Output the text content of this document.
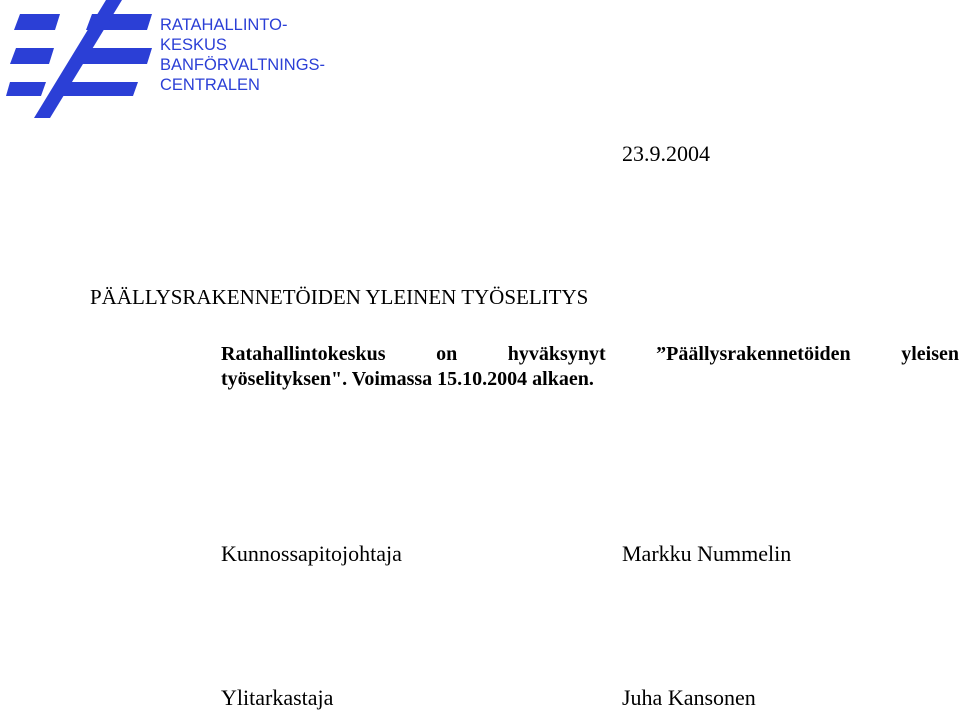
RATAHALLINTO-
KESKUS
BANFÖRVALTNINGS-
CENTRALEN
23.9.2004
PÄÄLLYSRAKENNETÖIDEN YLEINEN TYÖSELITYS
Ratahallintokeskus on hyväksynyt ”Päällysrakennetöiden yleisen
työselityksen". Voimassa 15.10.2004 alkaen.
Kunnossapitojohtaja	Markku Nummelin
Ylitarkastaja	Juha Kansonen
